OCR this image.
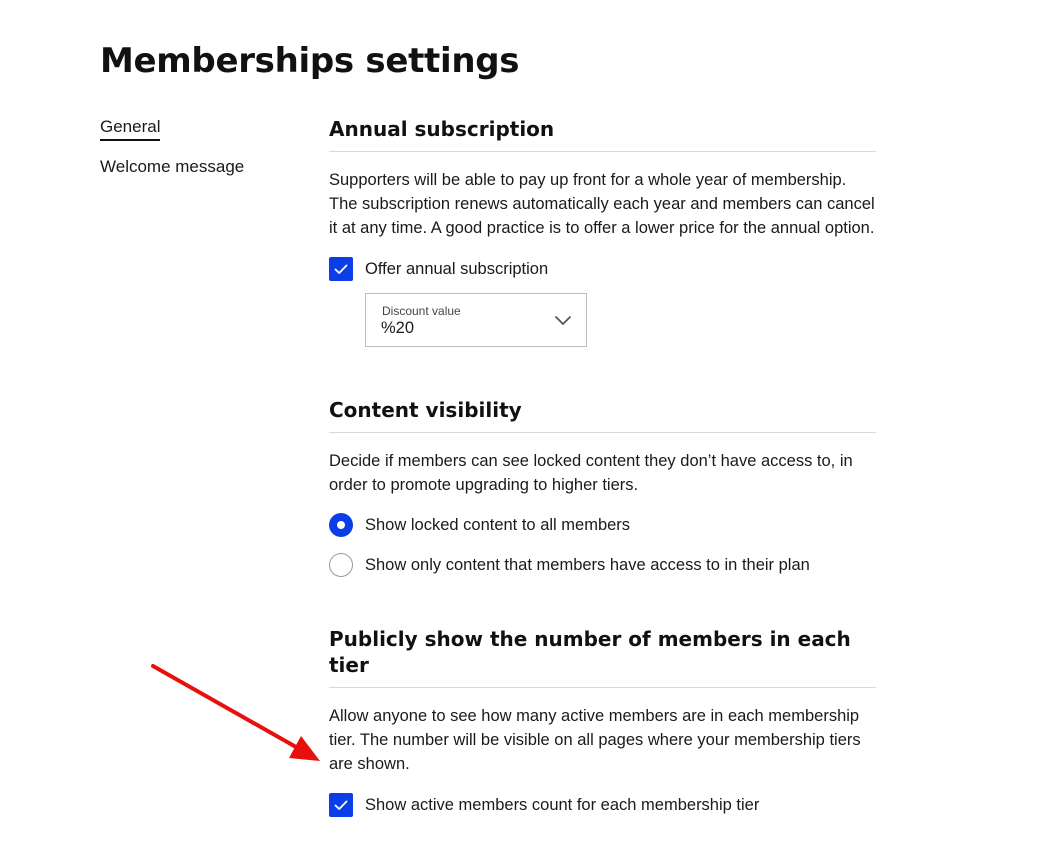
Memberships settings
General
Welcome message
Annual subscription

Supporters will be able to pay up front for a whole year of membership. The subscription renews automatically each year and members can cancel it at any time. A good practice is to offer a lower price for the annual option.

Offer annual subscription
Discount value
%20
Content visibility

Decide if members can see locked content they don’t have access to, in order to promote upgrading to higher tiers.

Show locked content to all members
Show only content that members have access to in their plan
Publicly show the number of members in each tier

Allow anyone to see how many active members are in each membership tier. The number will be visible on all pages where your membership tiers are shown.

Show active members count for each membership tier
